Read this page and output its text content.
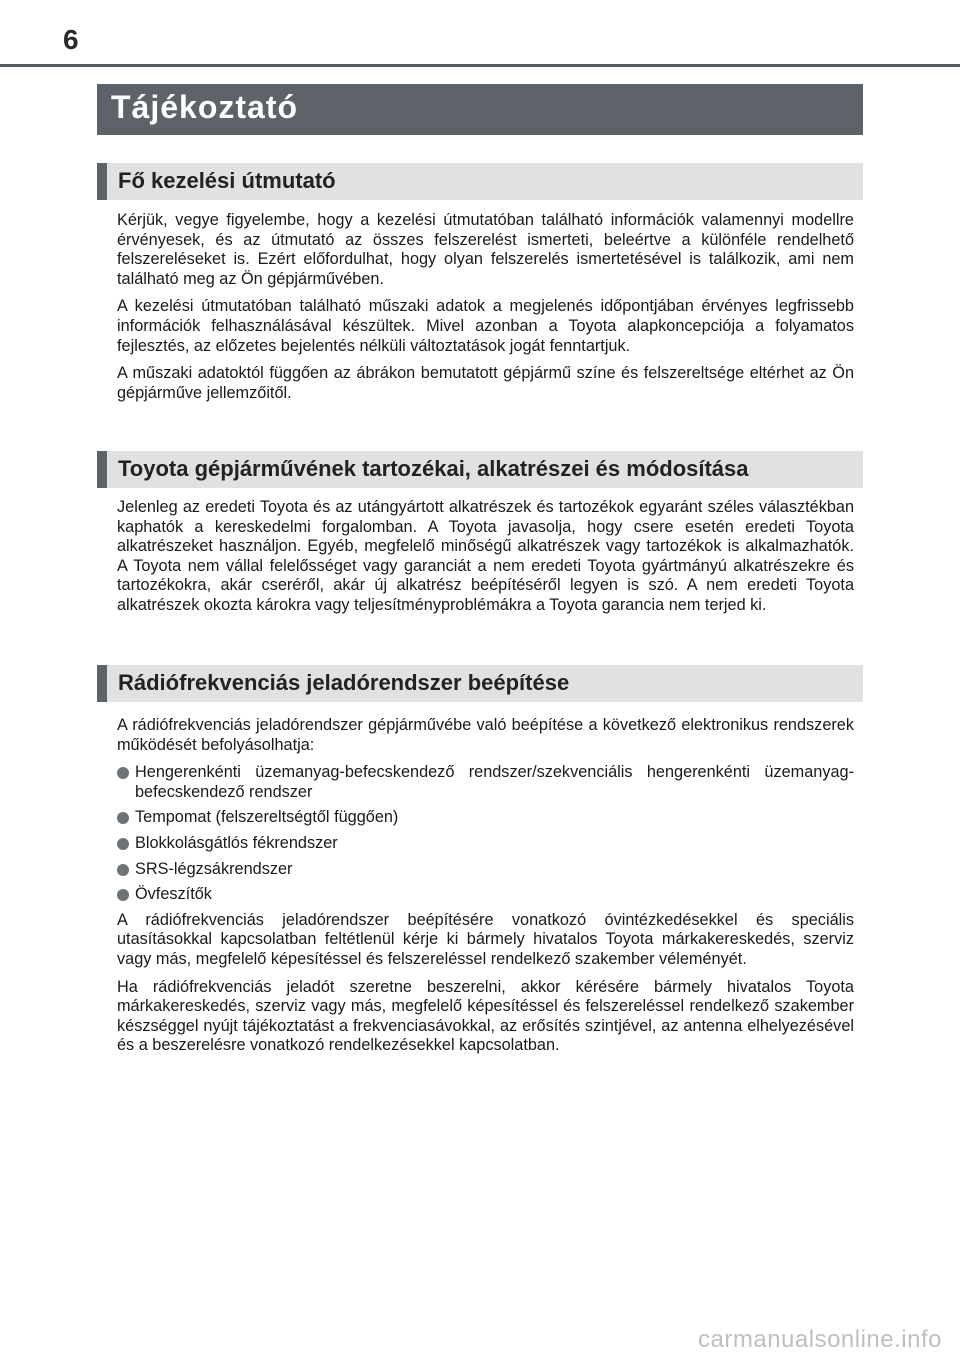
6
Tájékoztató
Fő kezelési útmutató

Kérjük, vegye figyelembe, hogy a kezelési útmutatóban található információk valamennyi modellre érvényesek, és az útmutató az összes felszerelést ismerteti, beleértve a különféle rendelhető felszereléseket is. Ezért előfordulhat, hogy olyan felszerelés ismertetésével is találkozik, ami nem található meg az Ön gépjárművében.

A kezelési útmutatóban található műszaki adatok a megjelenés időpontjában érvényes legfrissebb információk felhasználásával készültek. Mivel azonban a Toyota alapkoncepciója a folyamatos fejlesztés, az előzetes bejelentés nélküli változtatások jogát fenntartjuk.

A műszaki adatoktól függően az ábrákon bemutatott gépjármű színe és felszereltsége eltérhet az Ön gépjárművе jellemzőitől.

Toyota gépjárművének tartozékai, alkatrészei és módosítása

Jelenleg az eredeti Toyota és az utángyártott alkatrészek és tartozékok egyaránt széles választékban kaphatók a kereskedelmi forgalomban. A Toyota javasolja, hogy csere esetén eredeti Toyota alkatrészeket használjon. Egyéb, megfelelő minőségű alkatrészek vagy tartozékok is alkalmazhatók. A Toyota nem vállal felelősséget vagy garanciát a nem eredeti Toyota gyártmányú alkatrészekre és tartozékokra, akár cseréről, akár új alkatrész beépítéséről legyen is szó. A nem eredeti Toyota alkatrészek okozta károkra vagy teljesítményproblémákra a Toyota garancia nem terjed ki.

Rádiófrekvenciás jeladórendszer beépítése

A rádiófrekvenciás jeladórendszer gépjárművébe való beépítése a következő elektronikus rendszerek működését befolyásolhatja:

Hengerenkénti üzemanyag-befecskendező rendszer/szekvenciális hengerenkénti üzemanyag-befecskendező rendszer
Tempomat (felszereltségtől függően)
Blokkolásgátlós fékrendszer
SRS-légzsákrendszer
Övfeszítők

A rádiófrekvenciás jeladórendszer beépítésére vonatkozó óvintézkedésekkel és speciális utasításokkal kapcsolatban feltétlenül kérje ki bármely hivatalos Toyota márkakereskedés, szerviz vagy más, megfelelő képesítéssel és felszereléssel rendelkező szakember véleményét.

Ha rádiófrekvenciás jeladót szeretne beszerelni, akkor kérésére bármely hivatalos Toyota márkakereskedés, szerviz vagy más, megfelelő képesítéssel és felszereléssel rendelkező szakember készséggel nyújt tájékoztatást a frekvenciasávokkal, az erősítés szintjével, az antenna elhelyezésével és a beszerelésre vonatkozó rendelkezésekkel kapcsolatban.

carmanualsonline.info
